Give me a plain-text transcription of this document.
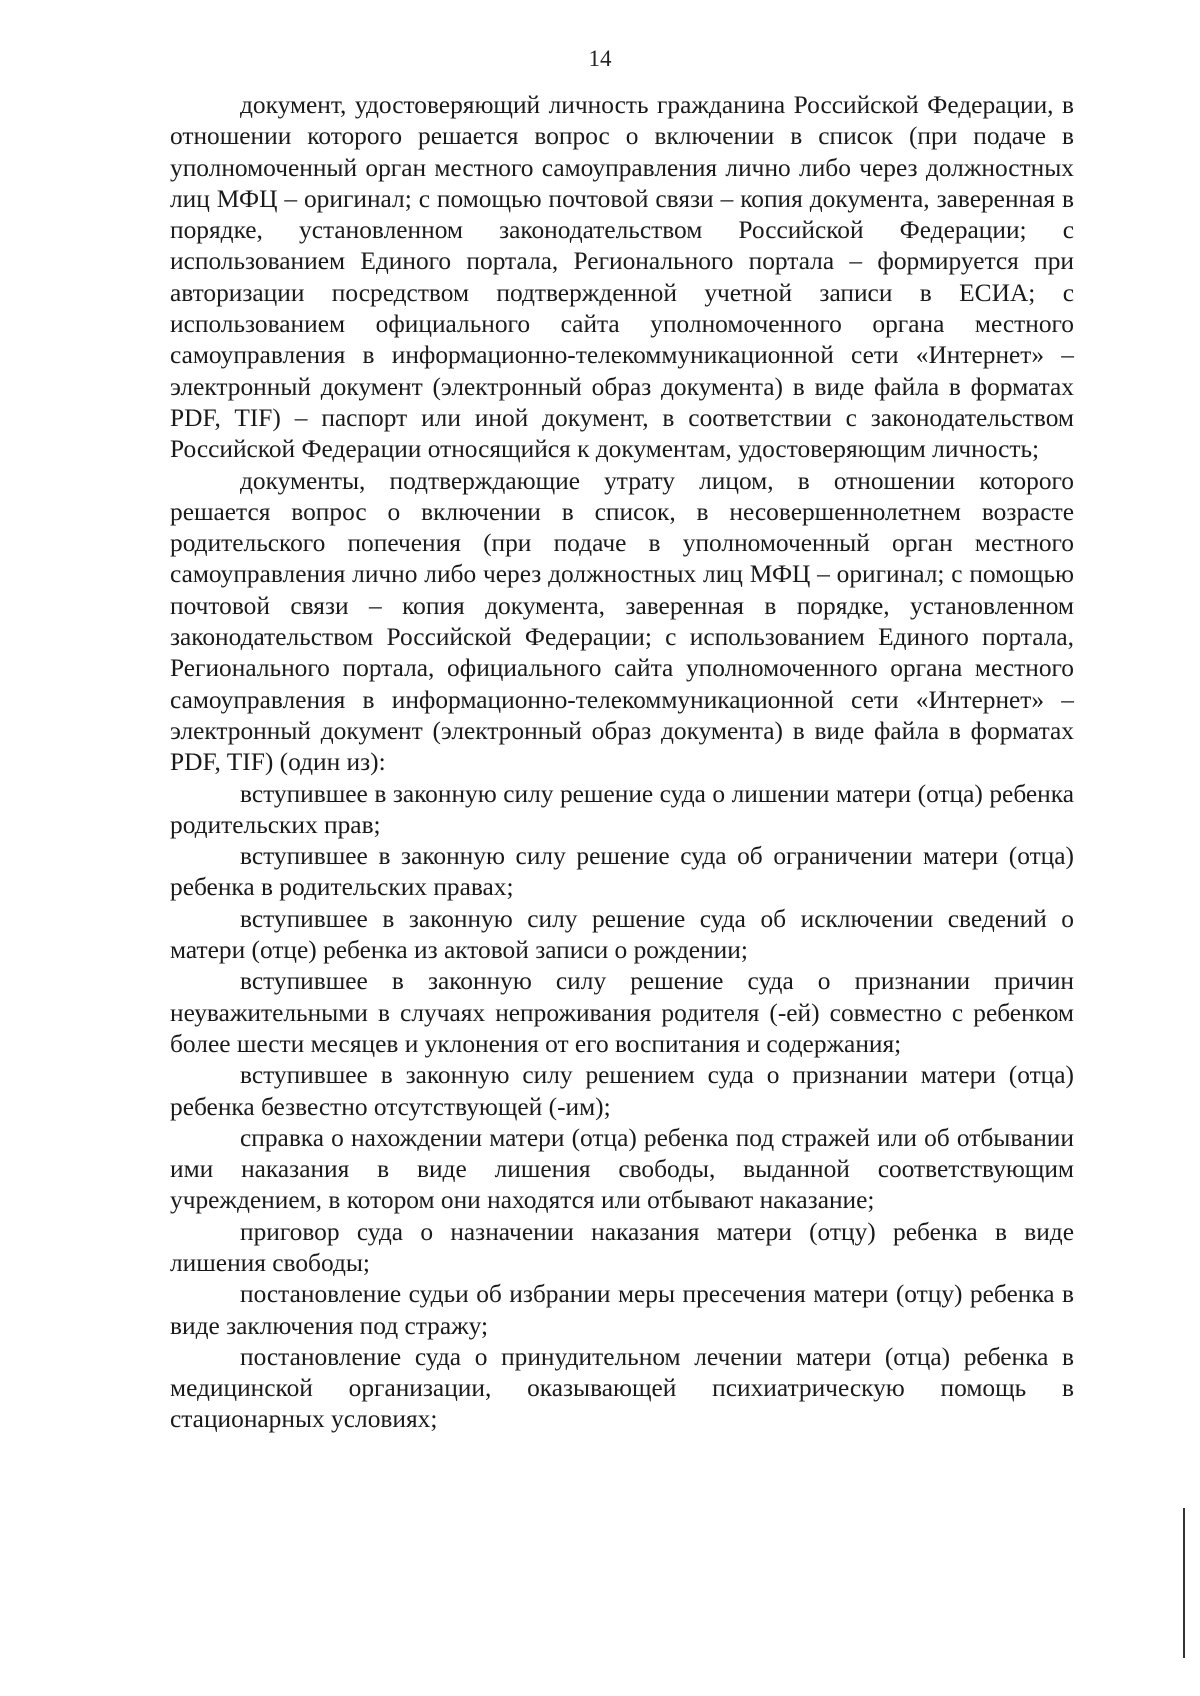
14

документ, удостоверяющий личность гражданина Российской Федерации, в отношении которого решается вопрос о включении в список (при подаче в уполномоченный орган местного самоуправления лично либо через должностных лиц МФЦ – оригинал; с помощью почтовой связи – копия документа, заверенная в порядке, установленном законодательством Российской Федерации; с использованием Единого портала, Регионального портала – формируется при авторизации посредством подтвержденной учетной записи в ЕСИА; с использованием официального сайта уполномоченного органа местного самоуправления в информационно-телекоммуникационной сети «Интернет» – электронный документ (электронный образ документа) в виде файла в форматах PDF, TIF) – паспорт или иной документ, в соответствии с законодательством Российской Федерации относящийся к документам, удостоверяющим личность;

документы, подтверждающие утрату лицом, в отношении которого решается вопрос о включении в список, в несовершеннолетнем возрасте родительского попечения (при подаче в уполномоченный орган местного самоуправления лично либо через должностных лиц МФЦ – оригинал; с помощью почтовой связи – копия документа, заверенная в порядке, установленном законодательством Российской Федерации; с использованием Единого портала, Регионального портала, официального сайта уполномоченного органа местного самоуправления в информационно-телекоммуникационной сети «Интернет» – электронный документ (электронный образ документа) в виде файла в форматах PDF, TIF) (один из):

вступившее в законную силу решение суда о лишении матери (отца) ребенка родительских прав;

вступившее в законную силу решение суда об ограничении матери (отца) ребенка в родительских правах;

вступившее в законную силу решение суда об исключении сведений о матери (отце) ребенка из актовой записи о рождении;

вступившее в законную силу решение суда о признании причин неуважительными в случаях непроживания родителя (-ей) совместно с ребенком более шести месяцев и уклонения от его воспитания и содержания;

вступившее в законную силу решением суда о признании матери (отца) ребенка безвестно отсутствующей (-им);

справка о нахождении матери (отца) ребенка под стражей или об отбывании ими наказания в виде лишения свободы, выданной соответствующим учреждением, в котором они находятся или отбывают наказание;

приговор суда о назначении наказания матери (отцу) ребенка в виде лишения свободы;

постановление судьи об избрании меры пресечения матери (отцу) ребенка в виде заключения под стражу;

постановление суда о принудительном лечении матери (отца) ребенка в медицинской организации, оказывающей психиатрическую помощь в стационарных условиях;
